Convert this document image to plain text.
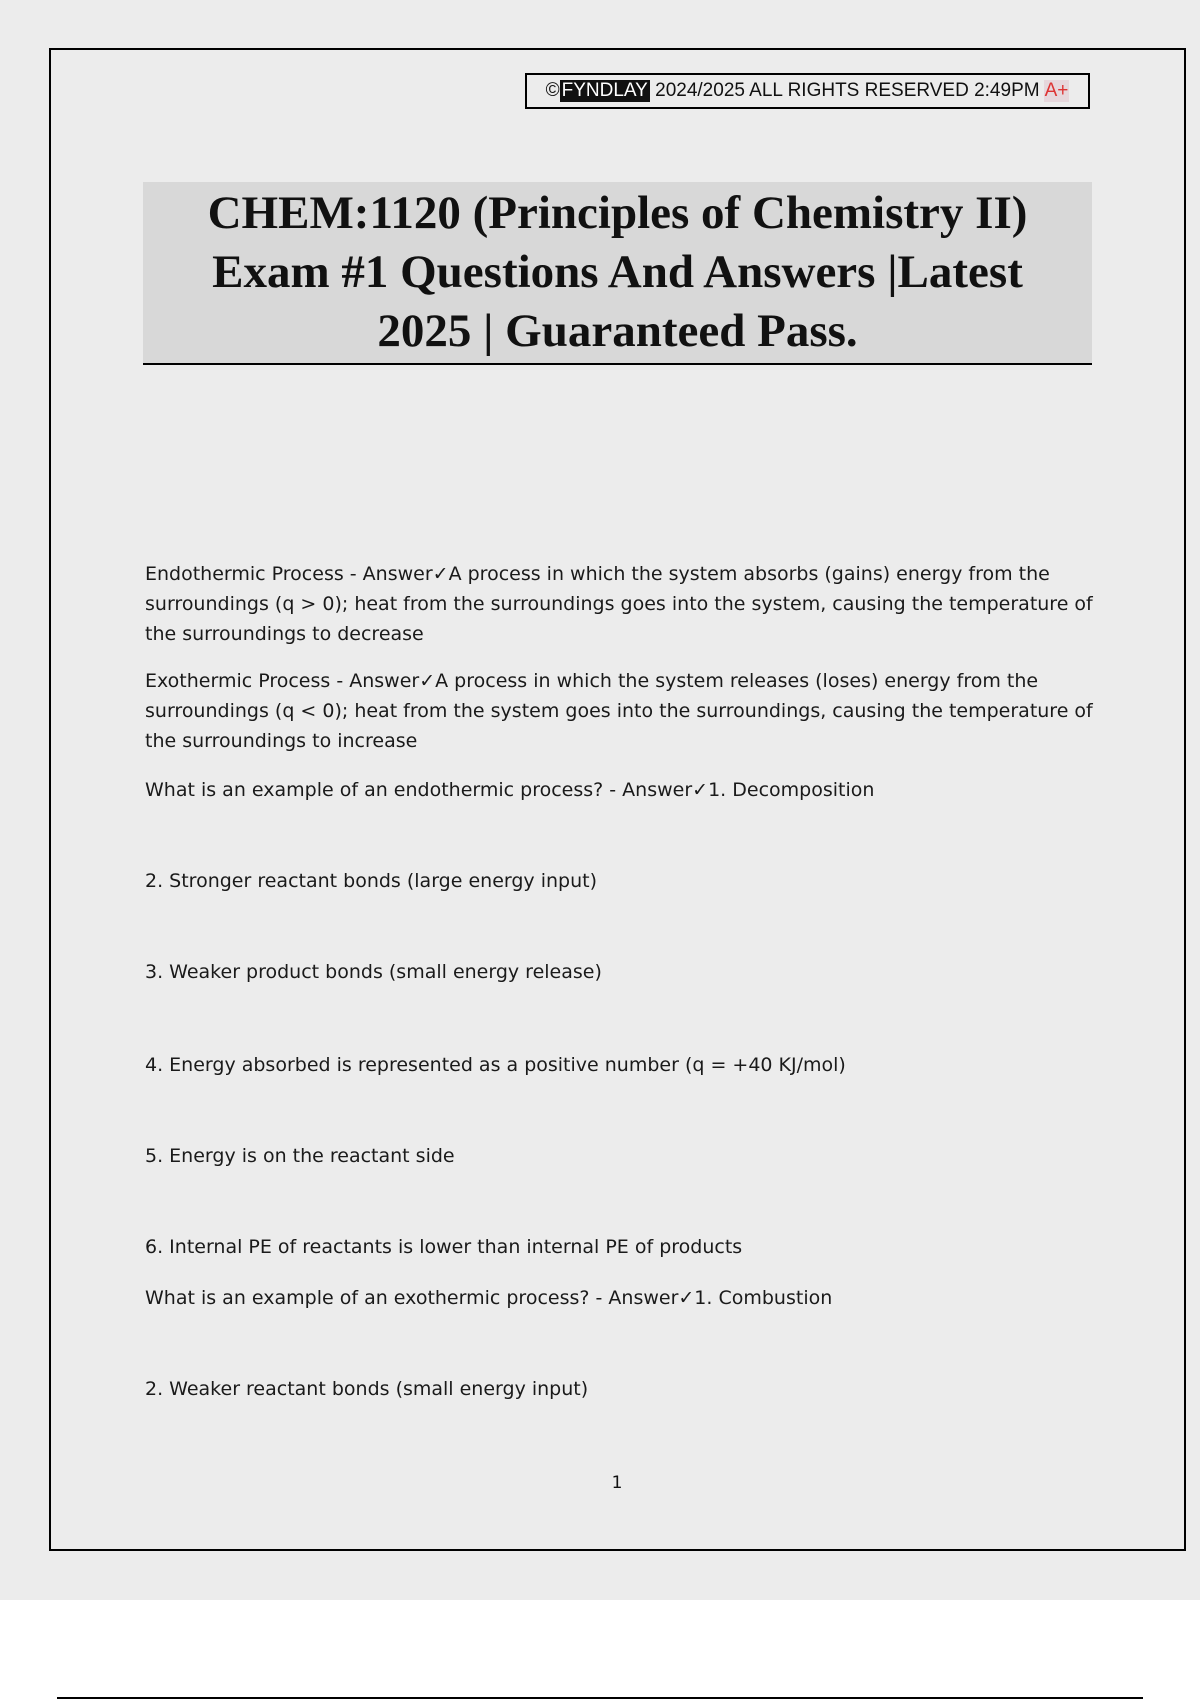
© FYNDLAY
2024/2025 ALL RIGHTS RESERVED 2:49PM A+
CHEM:1120 (Principles of Chemistry II)
Exam #1 Questions And Answers |Latest
2025 | Guaranteed Pass.
Endothermic Process - Answer✓A process in which the system absorbs (gains) energy from the surroundings (q > 0); heat from the surroundings goes into the system, causing the temperature of the surroundings to decrease
Exothermic Process - Answer✓A process in which the system releases (loses) energy from the surroundings (q < 0); heat from the system goes into the surroundings, causing the temperature of the surroundings to increase
What is an example of an endothermic process? - Answer✓1. Decomposition
2. Stronger reactant bonds (large energy input)
3. Weaker product bonds (small energy release)
4. Energy absorbed is represented as a positive number (q = +40 KJ/mol)
5. Energy is on the reactant side
6. Internal PE of reactants is lower than internal PE of products
What is an example of an exothermic process? - Answer✓1. Combustion
2. Weaker reactant bonds (small energy input)
1
